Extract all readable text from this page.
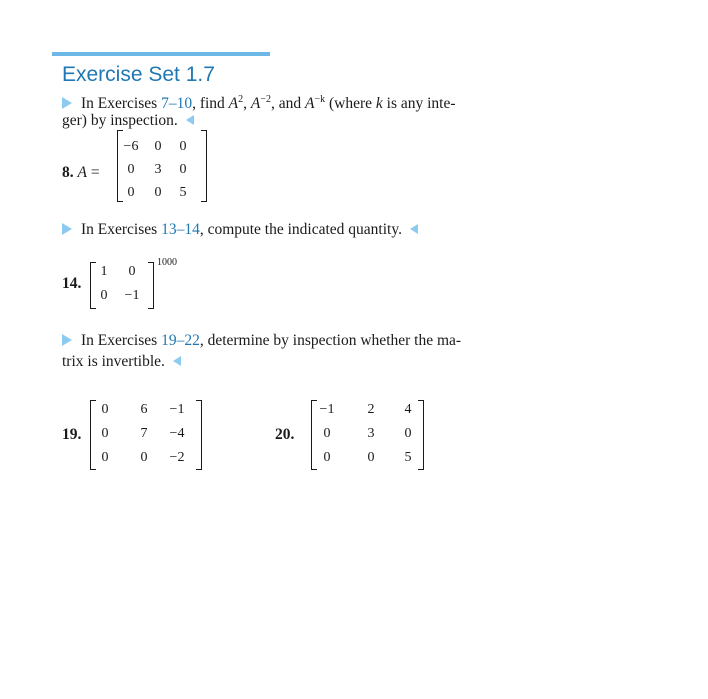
Exercise Set 1.7
In Exercises 7–10, find $A^2$, $A^{-2}$, and $A^{-k}$ (where k is any inte-
ger) by inspection.
8. A =
−6	0	0
0	3	0
0	0	5
In Exercises 13–14, compute the indicated quantity.
14.
1	0
0	−1
1000
In Exercises 19–22, determine by inspection whether the ma-
trix is invertible.
19.
0	6	−1
0	7	−4
0	0	−2
20.
−1	2	4
0	3	0
0	0	5
